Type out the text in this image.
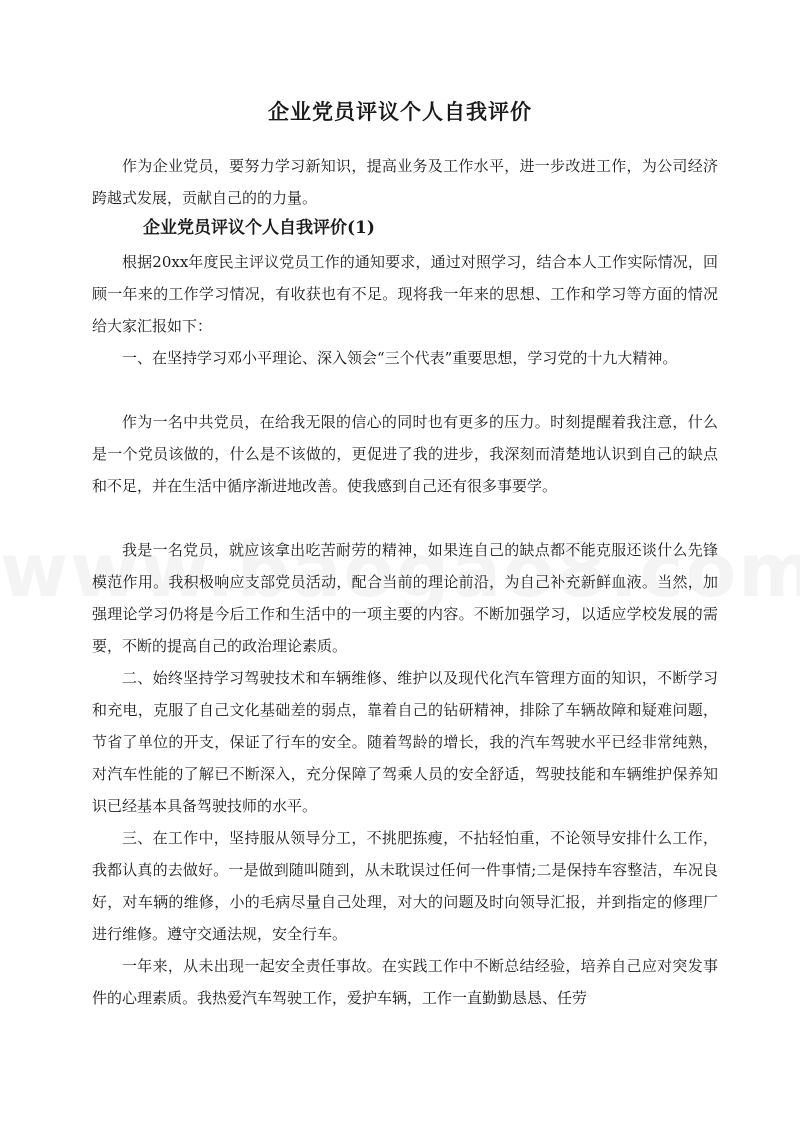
企业党员评议个人自我评价

作为企业党员，要努力学习新知识，提高业务及工作水平，进一步改进工作，为公司经济跨越式发展，贡献自己的的力量。

企业党员评议个人自我评价(1)

根据20xx年度民主评议党员工作的通知要求，通过对照学习，结合本人工作实际情况，回顾一年来的工作学习情况，有收获也有不足。现将我一年来的思想、工作和学习等方面的情况给大家汇报如下：

一、在坚持学习邓小平理论、深入领会“三个代表”重要思想，学习党的十九大精神。

作为一名中共党员，在给我无限的信心的同时也有更多的压力。时刻提醒着我注意，什么是一个党员该做的，什么是不该做的，更促进了我的进步，我深刻而清楚地认识到自己的缺点和不足，并在生活中循序渐进地改善。使我感到自己还有很多事要学。

我是一名党员，就应该拿出吃苦耐劳的精神，如果连自己的缺点都不能克服还谈什么先锋模范作用。我积极响应支部党员活动，配合当前的理论前沿，为自己补充新鲜血液。当然，加强理论学习仍将是今后工作和生活中的一项主要的内容。不断加强学习，以适应学校发展的需要，不断的提高自己的政治理论素质。

二、始终坚持学习驾驶技术和车辆维修、维护以及现代化汽车管理方面的知识，不断学习和充电，克服了自己文化基础差的弱点，靠着自己的钻研精神，排除了车辆故障和疑难问题，节省了单位的开支，保证了行车的安全。随着驾龄的增长，我的汽车驾驶水平已经非常纯熟，对汽车性能的了解已不断深入，充分保障了驾乘人员的安全舒适，驾驶技能和车辆维护保养知识已经基本具备驾驶技师的水平。

三、在工作中，坚持服从领导分工，不挑肥拣瘦，不拈轻怕重，不论领导安排什么工作，我都认真的去做好。一是做到随叫随到，从未耽误过任何一件事情;二是保持车容整洁，车况良好，对车辆的维修，小的毛病尽量自己处理，对大的问题及时向领导汇报，并到指定的修理厂进行维修。遵守交通法规，安全行车。

一年来，从未出现一起安全责任事故。在实践工作中不断总结经验，培养自己应对突发事件的心理素质。我热爱汽车驾驶工作，爱护车辆，工作一直勤勤恳恳、任劳
